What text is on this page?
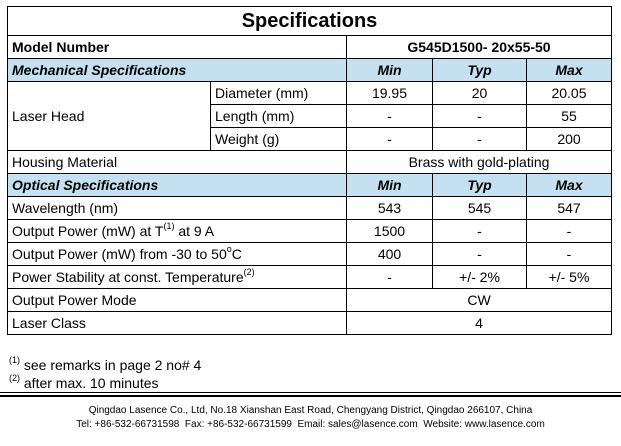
Specifications				
Model Number		G545D1500- 20x55-50		
Mechanical Specifications		Min	Typ	Max
Laser Head	Diameter (mm)	19.95	20	20.05
	Length (mm)	-	-	55
	Weight (g)	-	-	200
Housing Material		Brass with gold-plating		
Optical Specifications		Min	Typ	Max
Wavelength (nm)		543	545	547
Output Power (mW) at $T^{(1)}$ at 9 A		1500	-	-
Output Power (mW) from -30 to 50$^o$C		400	-	-
Power Stability at const. Temperature$^{(2)}$		-	+/- 2%	+/- 5%
Output Power Mode		CW		
Laser Class		4		
$^{(1)}$ see remarks in page 2 no# 4
$^{(2)}$ after max. 10 minutes
Qingdao Lasence Co., Ltd, No.18 Xianshan East Road, Chengyang District, Qingdao 266107, China
Tel: +86-532-66731598  Fax: +86-532-66731599  Email: sales@lasence.com  Website: www.lasence.com
